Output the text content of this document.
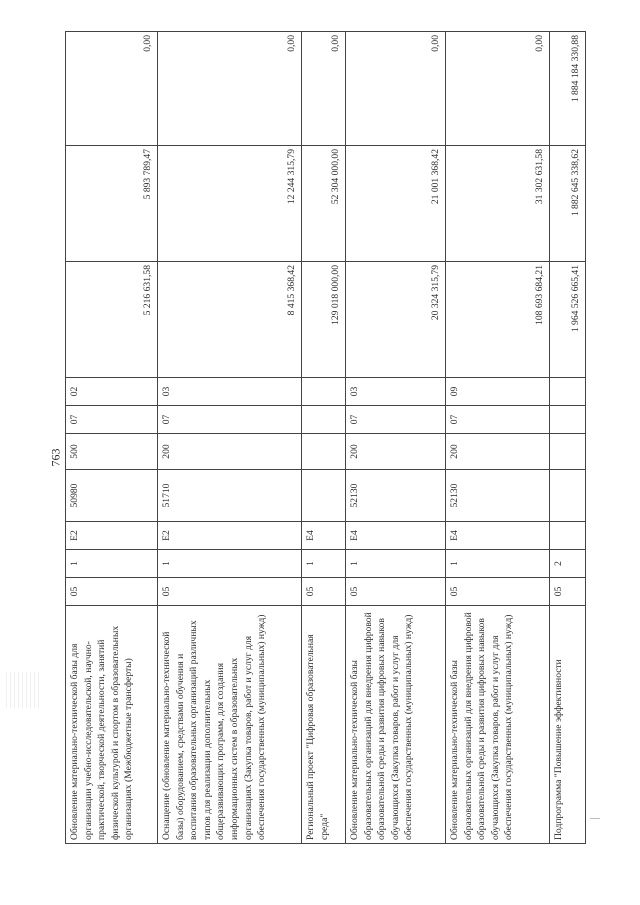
763
Обновление материально-технической базы для организации учебно-исследовательской, научно-практической, творческой деятельности, занятий физической культурой и спортом в образовательных организациях (Межбюджетные трансферты)	05	1	E2	50980	500	07	02	5 216 631,58	5 893 789,47	0,00
Оснащение (обновление материально-технической базы) оборудованием, средствами обучения и воспитания образовательных организаций различных типов для реализации дополнительных общеразвивающих программ, для создания информационных систем в образовательных организациях (Закупка товаров, работ и услуг для обеспечения государственных (муниципальных) нужд)	05	1	E2	51710	200	07	03	8 415 368,42	12 244 315,79	0,00
Региональный проект "Цифровая образовательная среда"	05	1	E4					129 018 000,00	52 304 000,00	0,00
Обновление материально-технической базы образовательных организаций для внедрения цифровой образовательной среды и развития цифровых навыков обучающихся (Закупка товаров, работ и услуг для обеспечения государственных (муниципальных) нужд)	05	1	E4	52130	200	07	03	20 324 315,79	21 001 368,42	0,00
Обновление материально-технической базы образовательных организаций для внедрения цифровой образовательной среды и развития цифровых навыков обучающихся (Закупка товаров, работ и услуг для обеспечения государственных (муниципальных) нужд)	05	1	E4	52130	200	07	09	108 693 684,21	31 302 631,58	0,00
Подпрограмма "Повышение эффективности	05	2						1 964 526 665,41	1 882 645 338,62	1 884 184 330,88
